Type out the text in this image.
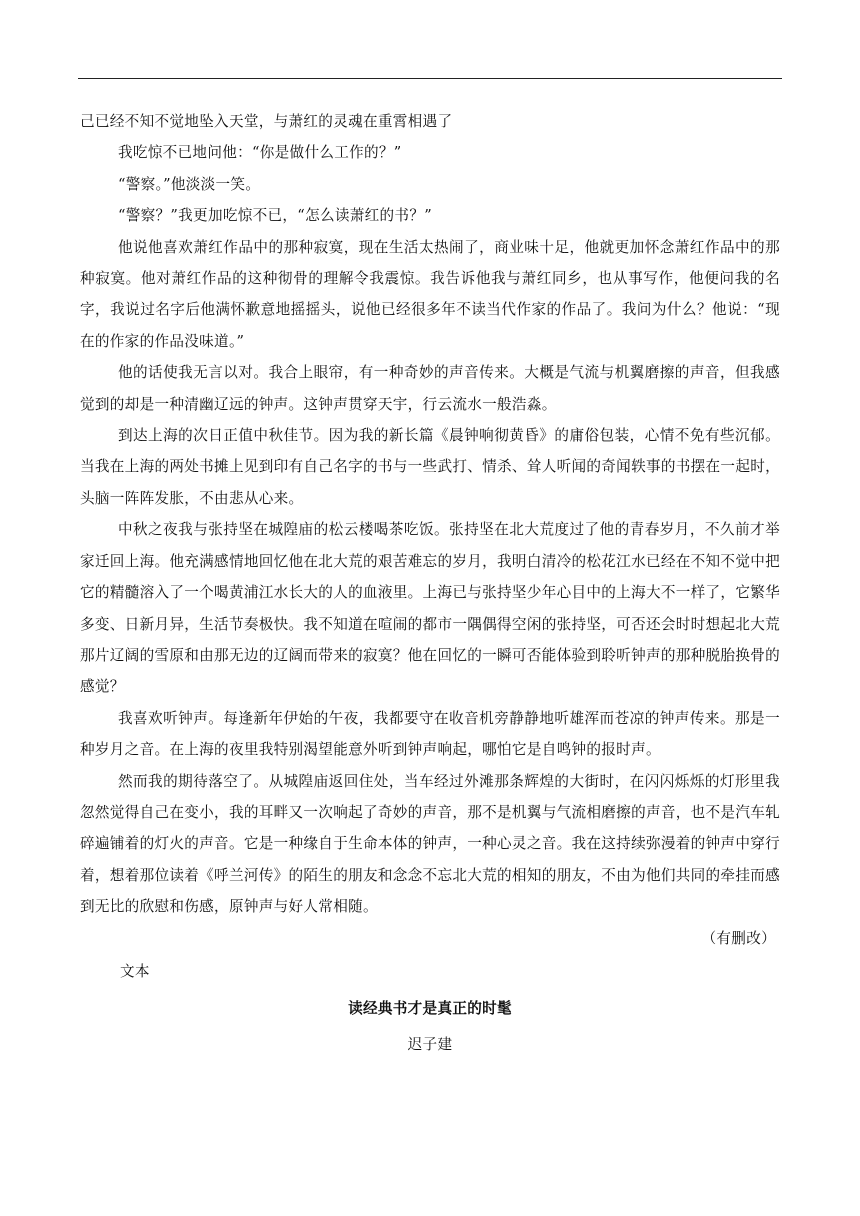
己已经不知不觉地坠入天堂，与萧红的灵魂在重霄相遇了

我吃惊不已地问他：“你是做什么工作的？”

“警察。”他淡淡一笑。

“警察？”我更加吃惊不已，“怎么读萧红的书？”

他说他喜欢萧红作品中的那种寂寞，现在生活太热闹了，商业味十足，他就更加怀念萧红作品中的那种寂寞。他对萧红作品的这种彻骨的理解令我震惊。我告诉他我与萧红同乡，也从事写作，他便问我的名字，我说过名字后他满怀歉意地摇摇头，说他已经很多年不读当代作家的作品了。我问为什么？他说：“现在的作家的作品没味道。”

他的话使我无言以对。我合上眼帘，有一种奇妙的声音传来。大概是气流与机翼磨擦的声音，但我感觉到的却是一种清幽辽远的钟声。这钟声贯穿天宇，行云流水一般浩淼。

到达上海的次日正值中秋佳节。因为我的新长篇《晨钟响彻黄昏》的庸俗包装，心情不免有些沉郁。当我在上海的两处书摊上见到印有自己名字的书与一些武打、情杀、耸人听闻的奇闻轶事的书摆在一起时，头脑一阵阵发胀，不由悲从心来。

中秋之夜我与张持坚在城隍庙的松云楼喝茶吃饭。张持坚在北大荒度过了他的青春岁月，不久前才举家迁回上海。他充满感情地回忆他在北大荒的艰苦难忘的岁月，我明白清冷的松花江水已经在不知不觉中把它的精髓溶入了一个喝黄浦江水长大的人的血液里。上海已与张持坚少年心目中的上海大不一样了，它繁华多变、日新月异，生活节奏极快。我不知道在喧闹的都市一隅偶得空闲的张持坚，可否还会时时想起北大荒那片辽阔的雪原和由那无边的辽阔而带来的寂寞？他在回忆的一瞬可否能体验到聆听钟声的那种脱胎换骨的感觉？

我喜欢听钟声。每逢新年伊始的午夜，我都要守在收音机旁静静地听雄浑而苍凉的钟声传来。那是一种岁月之音。在上海的夜里我特别渴望能意外听到钟声响起，哪怕它是自鸣钟的报时声。

然而我的期待落空了。从城隍庙返回住处，当车经过外滩那条辉煌的大街时，在闪闪烁烁的灯形里我忽然觉得自己在变小，我的耳畔又一次响起了奇妙的声音，那不是机翼与气流相磨擦的声音，也不是汽车轧碎遍铺着的灯火的声音。它是一种缘自于生命本体的钟声，一种心灵之音。我在这持续弥漫着的钟声中穿行着，想着那位读着《呼兰河传》的陌生的朋友和念念不忘北大荒的相知的朋友，不由为他们共同的牵挂而感到无比的欣慰和伤感，原钟声与好人常相随。

（有删改）

文本

读经典书才是真正的时髦

迟子建
